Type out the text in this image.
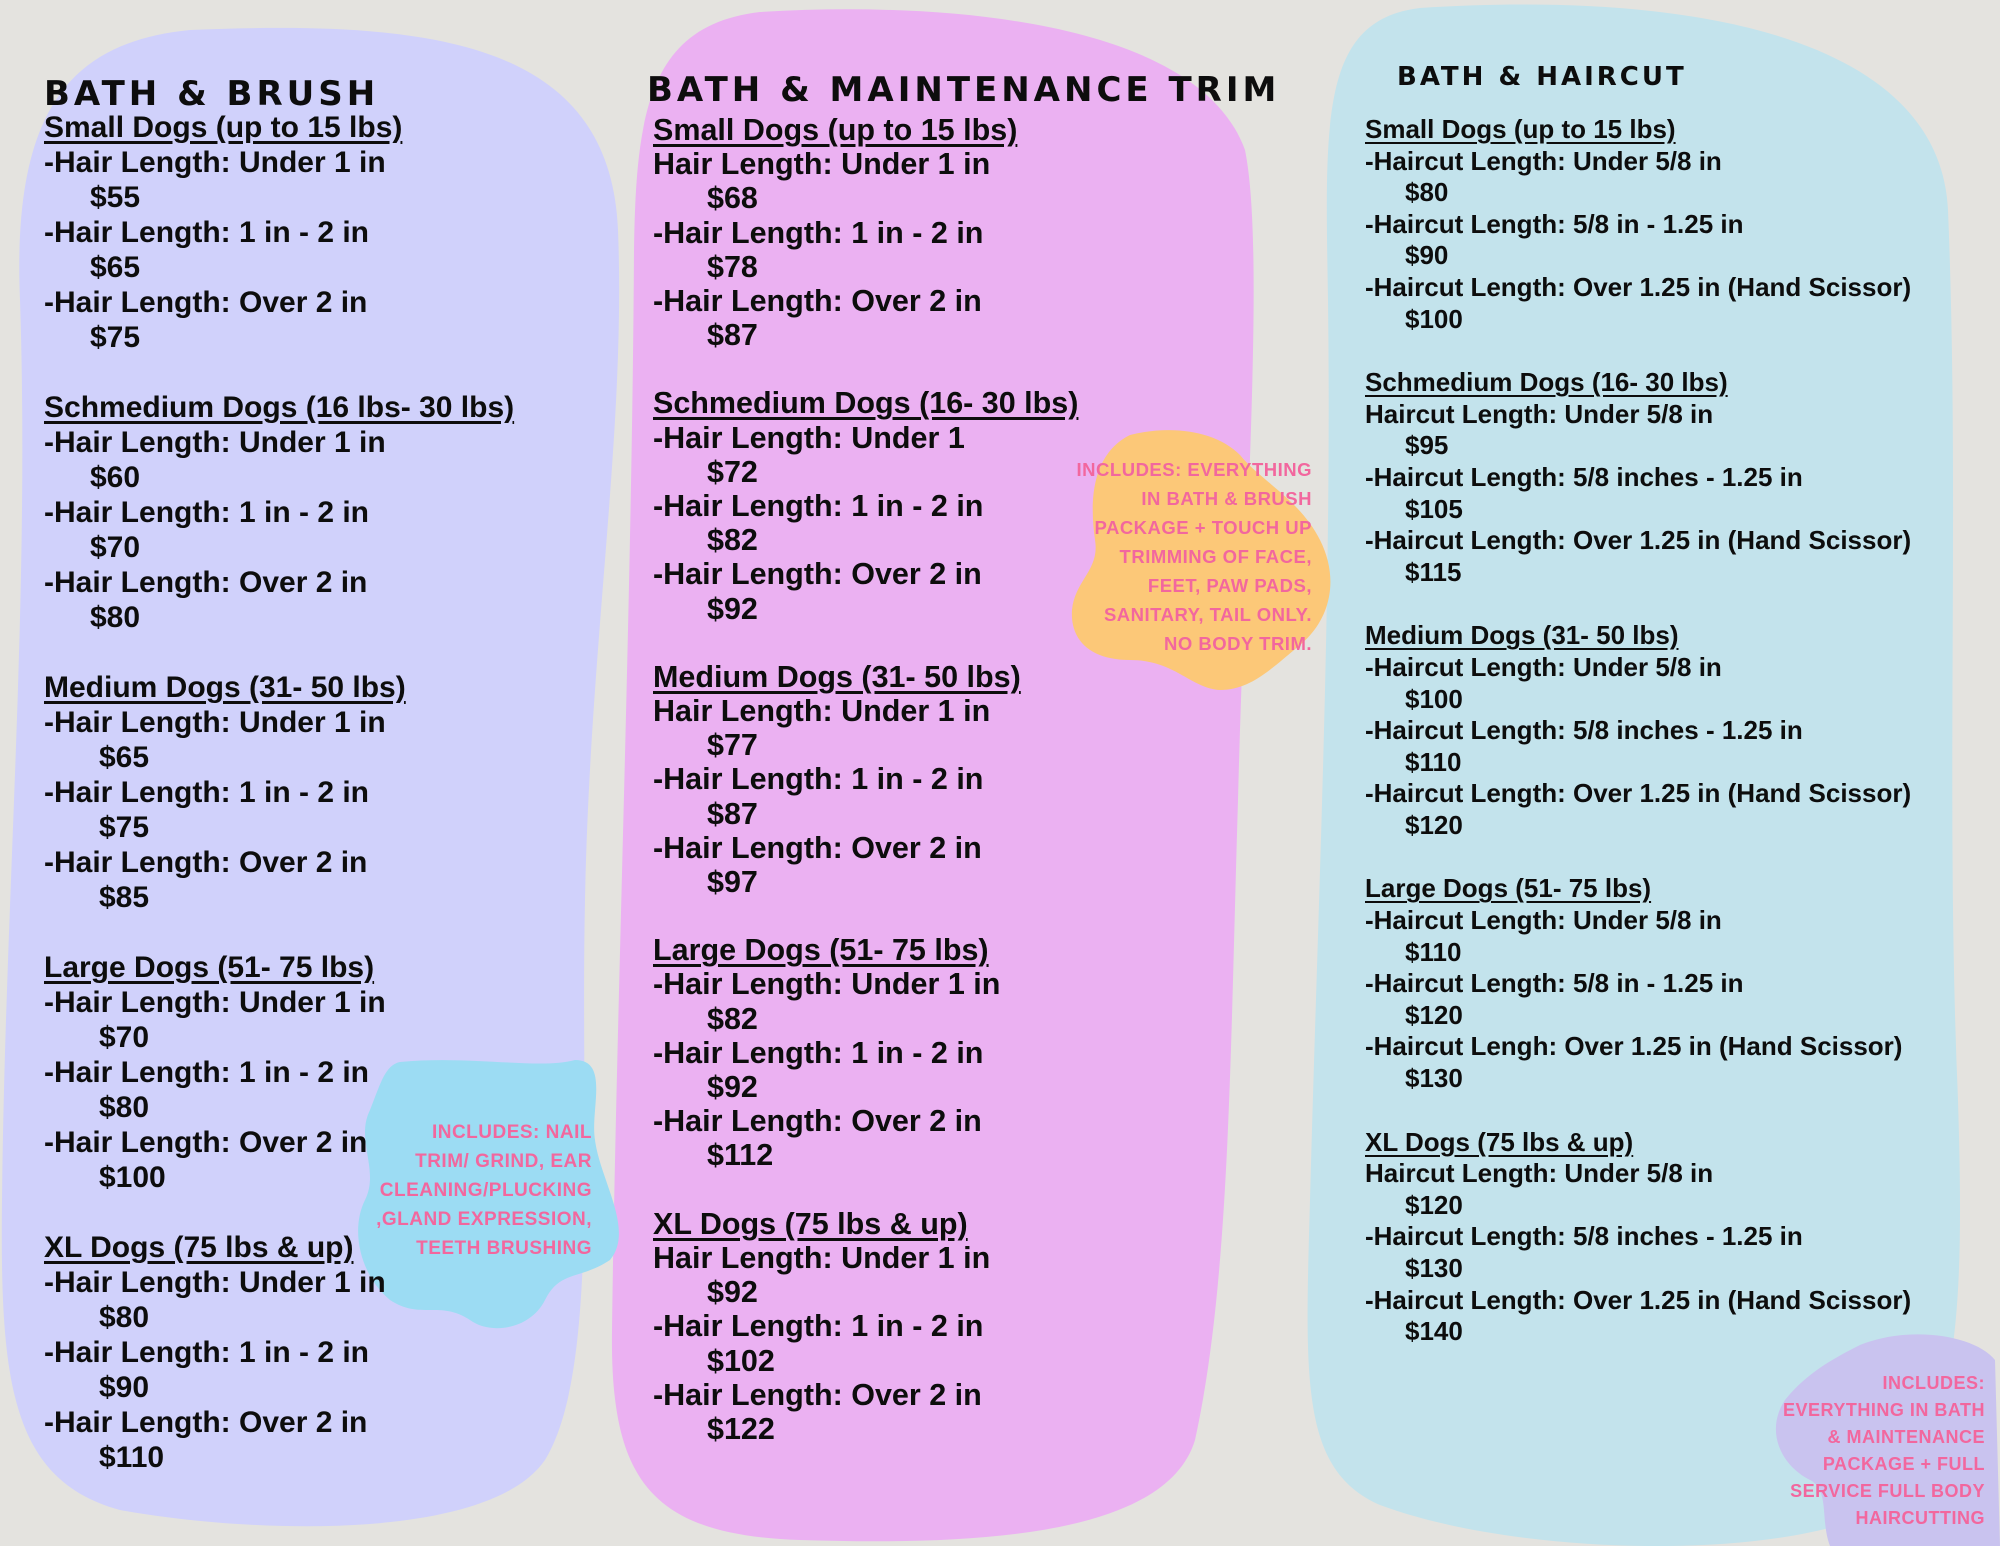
BATH & BRUSH	BATH & MAINTENANCE TRIM	BATH & HAIRCUT
Small Dogs (up to 15 lbs)
-Hair Length: Under 1 in
$55
-Hair Length: 1 in - 2 in
$65
-Hair Length: Over 2 in
$75
Schmedium Dogs (16 lbs- 30 lbs)
-Hair Length: Under 1 in
$60
-Hair Length: 1 in - 2 in
$70
-Hair Length: Over 2 in
$80
Medium Dogs (31- 50 lbs)
-Hair Length: Under 1 in
$65
-Hair Length: 1 in - 2 in
$75
-Hair Length: Over 2 in
$85
Large Dogs (51- 75 lbs)
-Hair Length: Under 1 in
$70
-Hair Length: 1 in - 2 in
$80
-Hair Length: Over 2 in
$100
XL Dogs (75 lbs & up)
-Hair Length: Under 1 in
$80
-Hair Length: 1 in - 2 in
$90
-Hair Length: Over 2 in
$110
Small Dogs (up to 15 lbs)
Hair Length: Under 1 in
$68
-Hair Length: 1 in - 2 in
$78
-Hair Length: Over 2 in
$87
Schmedium Dogs (16- 30 lbs)
-Hair Length: Under 1
$72
-Hair Length: 1 in - 2 in
$82
-Hair Length: Over 2 in
$92
Medium Dogs (31- 50 lbs)
Hair Length: Under 1 in
$77
-Hair Length: 1 in - 2 in
$87
-Hair Length: Over 2 in
$97
Large Dogs (51- 75 lbs)
-Hair Length: Under 1 in
$82
-Hair Length: 1 in - 2 in
$92
-Hair Length: Over 2 in
$112
XL Dogs (75 lbs & up)
Hair Length: Under 1 in
$92
-Hair Length: 1 in - 2 in
$102
-Hair Length: Over 2 in
$122
Small Dogs (up to 15 lbs)
-Haircut Length: Under 5/8 in
$80
-Haircut Length: 5/8 in - 1.25 in
$90
-Haircut Length: Over 1.25 in (Hand Scissor)
$100
Schmedium Dogs (16- 30 lbs)
Haircut Length: Under 5/8 in
$95
-Haircut Length: 5/8 inches - 1.25 in
$105
-Haircut Length: Over 1.25 in (Hand Scissor)
$115
Medium Dogs (31- 50 lbs)
-Haircut Length: Under 5/8 in
$100
-Haircut Length: 5/8 inches - 1.25 in
$110
-Haircut Length: Over 1.25 in (Hand Scissor)
$120
Large Dogs (51- 75 lbs)
-Haircut Length: Under 5/8 in
$110
-Haircut Length: 5/8 in - 1.25 in
$120
-Haircut Lengh: Over 1.25 in (Hand Scissor)
$130
XL Dogs (75 lbs & up)
Haircut Length: Under 5/8 in
$120
-Haircut Length: 5/8 inches - 1.25 in
$130
-Haircut Length: Over 1.25 in (Hand Scissor)
$140
INCLUDES: NAIL
TRIM/ GRIND, EAR
CLEANING/PLUCKING
,GLAND EXPRESSION,
TEETH BRUSHING
INCLUDES: EVERYTHING
IN BATH & BRUSH
PACKAGE + TOUCH UP
TRIMMING OF FACE,
FEET, PAW PADS,
SANITARY, TAIL ONLY.
NO BODY TRIM.
INCLUDES:
EVERYTHING IN BATH
& MAINTENANCE
PACKAGE + FULL
SERVICE FULL BODY
HAIRCUTTING
